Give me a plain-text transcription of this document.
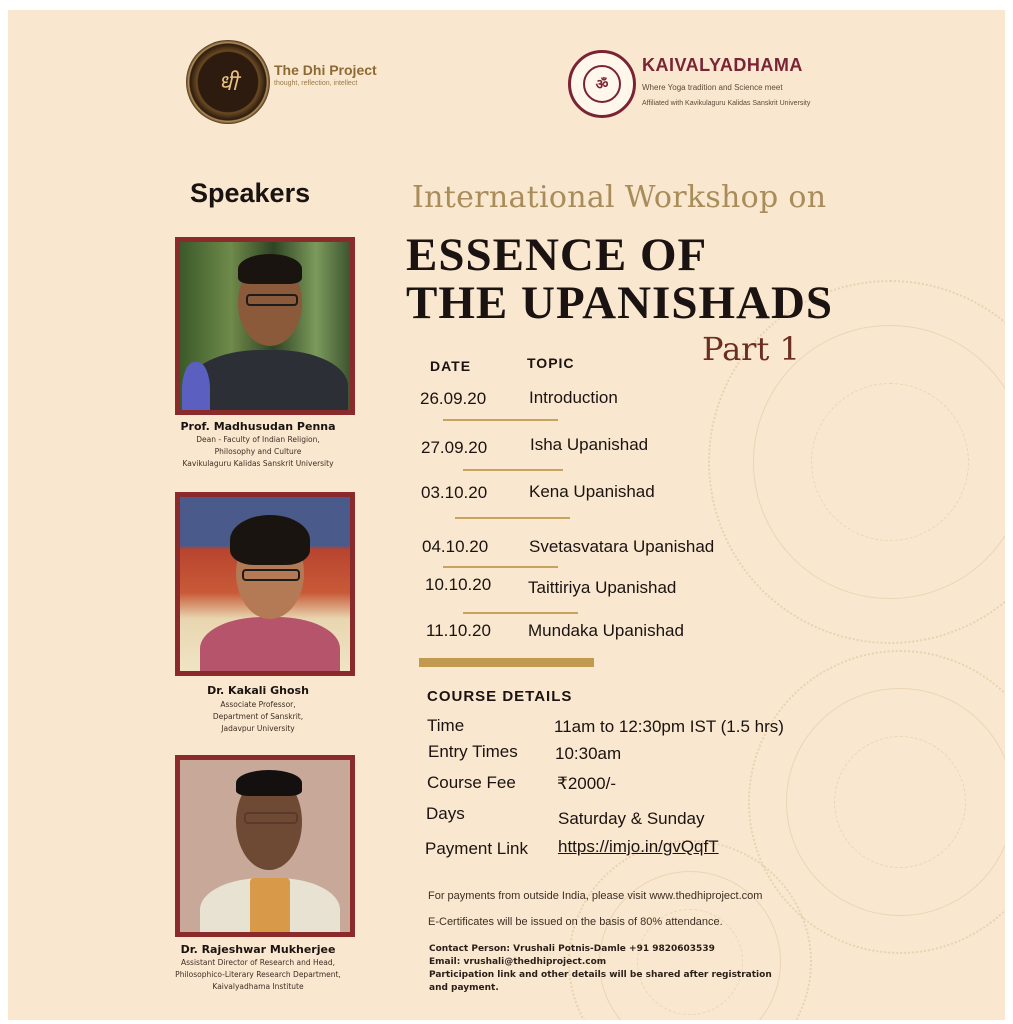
धी
The Dhi Project
thought, reflection, intellect	ॐ
KAIVALYADHAMA
Where Yoga tradition and Science meet
Affiliated with Kavikulaguru Kalidas Sanskrit University
Speakers
Prof. Madhusudan Penna
Dean - Faculty of Indian Religion,
Philosophy and Culture
Kavikulaguru Kalidas Sanskrit University
Dr. Kakali Ghosh
Associate Professor,
Department of Sanskrit,
Jadavpur University
Dr. Rajeshwar Mukherjee
Assistant Director of Research and Head,
Philosophico-Literary Research Department,
Kaivalyadhama Institute
International Workshop on
ESSENCE OF
THE UPANISHADS
Part 1
DATE	TOPIC
26.09.20	Introduction
27.09.20	Isha Upanishad
03.10.20 Kena Upanishad
04.10.20 Svetasvatara Upanishad
10.10.20 Taittiriya Upanishad
11.10.20 Mundaka Upanishad
COURSE DETAILS
Time	11am to 12:30pm IST (1.5 hrs)
Entry Times 10:30am
Course Fee ₹2000/-
Days	Saturday & Sunday
Payment Link https://imjo.in/gvQqfT
For payments from outside India, please visit www.thedhiproject.com
E-Certificates will be issued on the basis of 80% attendance.
Contact Person: Vrushali Potnis-Damle +91 9820603539
Email: vrushali@thedhiproject.com
Participation link and other details will be shared after registration
and payment.
